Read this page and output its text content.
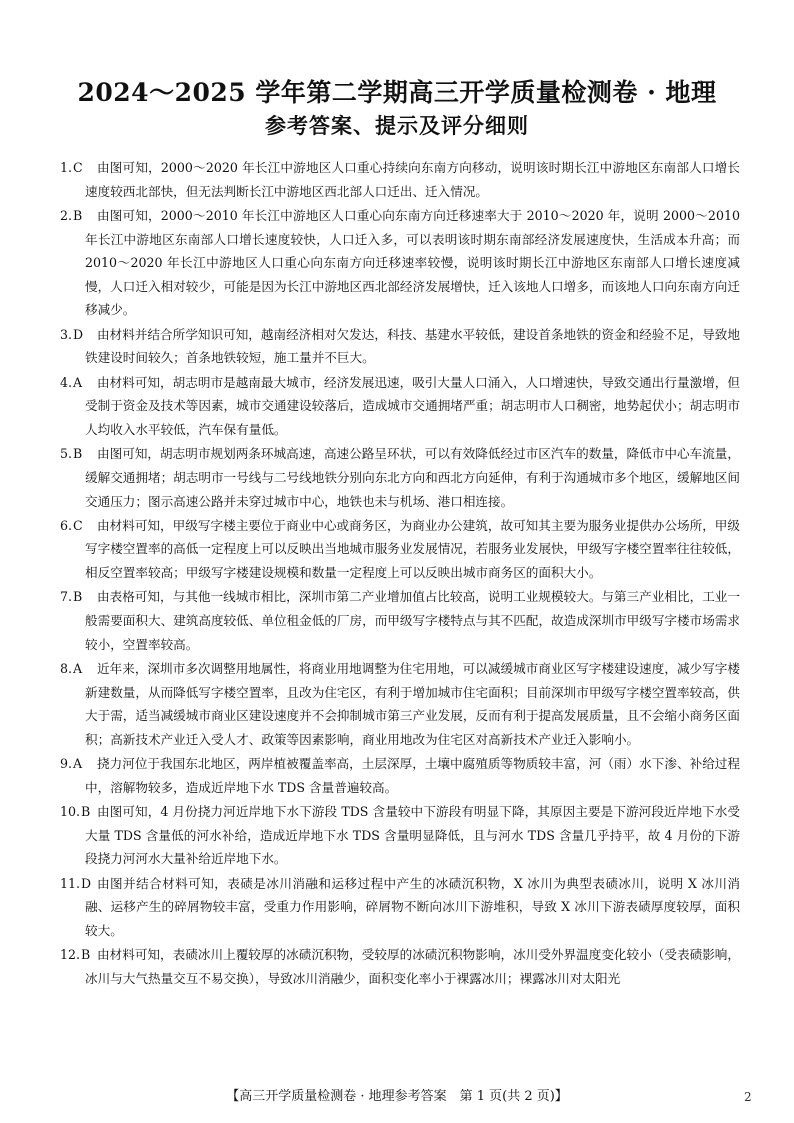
2024～2025 学年第二学期高三开学质量检测卷 · 地理
参考答案、提示及评分细则
1.C	由图可知，2000～2020 年长江中游地区人口重心持续向东南方向移动，说明该时期长江中游地区东南部人口增长速度较西北部快，但无法判断长江中游地区西北部人口迁出、迁入情况。
2.B	由图可知，2000～2010 年长江中游地区人口重心向东南方向迁移速率大于 2010～2020 年，说明 2000～2010 年长江中游地区东南部人口增长速度较快，人口迁入多，可以表明该时期东南部经济发展速度快，生活成本升高；而 2010～2020 年长江中游地区人口重心向东南方向迁移速率较慢，说明该时期长江中游地区东南部人口增长速度减慢，人口迁入相对较少，可能是因为长江中游地区西北部经济发展增快，迁入该地人口增多，而该地人口向东南方向迁移减少。
3.D	由材料并结合所学知识可知，越南经济相对欠发达，科技、基建水平较低，建设首条地铁的资金和经验不足，导致地铁建设时间较久；首条地铁较短，施工量并不巨大。
4.A	由材料可知，胡志明市是越南最大城市，经济发展迅速，吸引大量人口涌入，人口增速快，导致交通出行量激增，但受制于资金及技术等因素，城市交通建设较落后，造成城市交通拥堵严重；胡志明市人口稠密，地势起伏小；胡志明市人均收入水平较低，汽车保有量低。
5.B	由图可知，胡志明市规划两条环城高速，高速公路呈环状，可以有效降低经过市区汽车的数量，降低市中心车流量，缓解交通拥堵；胡志明市一号线与二号线地铁分别向东北方向和西北方向延伸，有利于沟通城市多个地区，缓解地区间交通压力；图示高速公路并未穿过城市中心，地铁也未与机场、港口相连接。
6.C	由材料可知，甲级写字楼主要位于商业中心或商务区，为商业办公建筑，故可知其主要为服务业提供办公场所，甲级写字楼空置率的高低一定程度上可以反映出当地城市服务业发展情况，若服务业发展快，甲级写字楼空置率往往较低，相反空置率较高；甲级写字楼建设规模和数量一定程度上可以反映出城市商务区的面积大小。
7.B	由表格可知，与其他一线城市相比，深圳市第二产业增加值占比较高，说明工业规模较大。与第三产业相比，工业一般需要面积大、建筑高度较低、单位租金低的厂房，而甲级写字楼特点与其不匹配，故造成深圳市甲级写字楼市场需求较小，空置率较高。
8.A	近年来，深圳市多次调整用地属性，将商业用地调整为住宅用地，可以减缓城市商业区写字楼建设速度，减少写字楼新建数量，从而降低写字楼空置率，且改为住宅区，有利于增加城市住宅面积；目前深圳市甲级写字楼空置率较高，供大于需，适当减缓城市商业区建设速度并不会抑制城市第三产业发展，反而有利于提高发展质量，且不会缩小商务区面积；高新技术产业迁入受人才、政策等因素影响，商业用地改为住宅区对高新技术产业迁入影响小。
9.A	挠力河位于我国东北地区，两岸植被覆盖率高，土层深厚，土壤中腐殖质等物质较丰富，河（雨）水下渗、补给过程中，溶解物较多，造成近岸地下水 TDS 含量普遍较高。
10.B 由图可知，4 月份挠力河近岸地下水下游段 TDS 含量较中下游段有明显下降，其原因主要是下游河段近岸地下水受大量 TDS 含量低的河水补给，造成近岸地下水 TDS 含量明显降低，且与河水 TDS 含量几乎持平，故 4 月份的下游段挠力河河水大量补给近岸地下水。
11.D 由图并结合材料可知，表碛是冰川消融和运移过程中产生的冰碛沉积物，X 冰川为典型表碛冰川，说明 X 冰川消融、运移产生的碎屑物较丰富，受重力作用影响，碎屑物不断向冰川下游堆积，导致 X 冰川下游表碛厚度较厚，面积较大。
12.B 由材料可知，表碛冰川上覆较厚的冰碛沉积物，受较厚的冰碛沉积物影响，冰川受外界温度变化较小（受表碛影响，冰川与大气热量交互不易交换），导致冰川消融少，面积变化率小于裸露冰川；裸露冰川对太阳光
【高三开学质量检测卷 · 地理参考答案　第 1 页(共 2 页)】	2
